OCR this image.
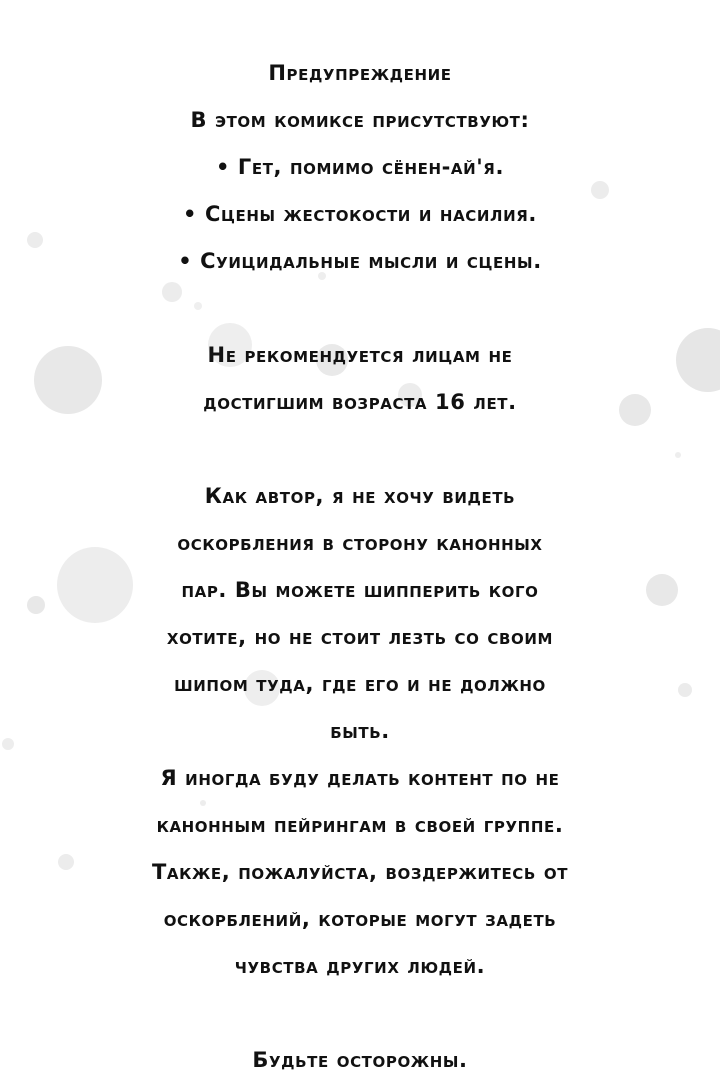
Предупреждение
В этом комиксе присутствуют:
• Гет, помимо сёнен-ай'я.
• Сцены жестокости и насилия.
• Суицидальные мысли и сцены.
Не рекомендуется лицам не
достигшим возраста 16 лет.
Как автор, я не хочу видеть
оскорбления в сторону канонных
пар. Вы можете шипперить кого
хотите, но не стоит лезть со своим
шипом туда, где его и не должно
быть.
Я иногда буду делать контент по не
канонным пейрингам в своей группе.
Также, пожалуйста, воздержитесь от
оскорблений, которые могут задеть
чувства других людей.
Будьте осторожны.
